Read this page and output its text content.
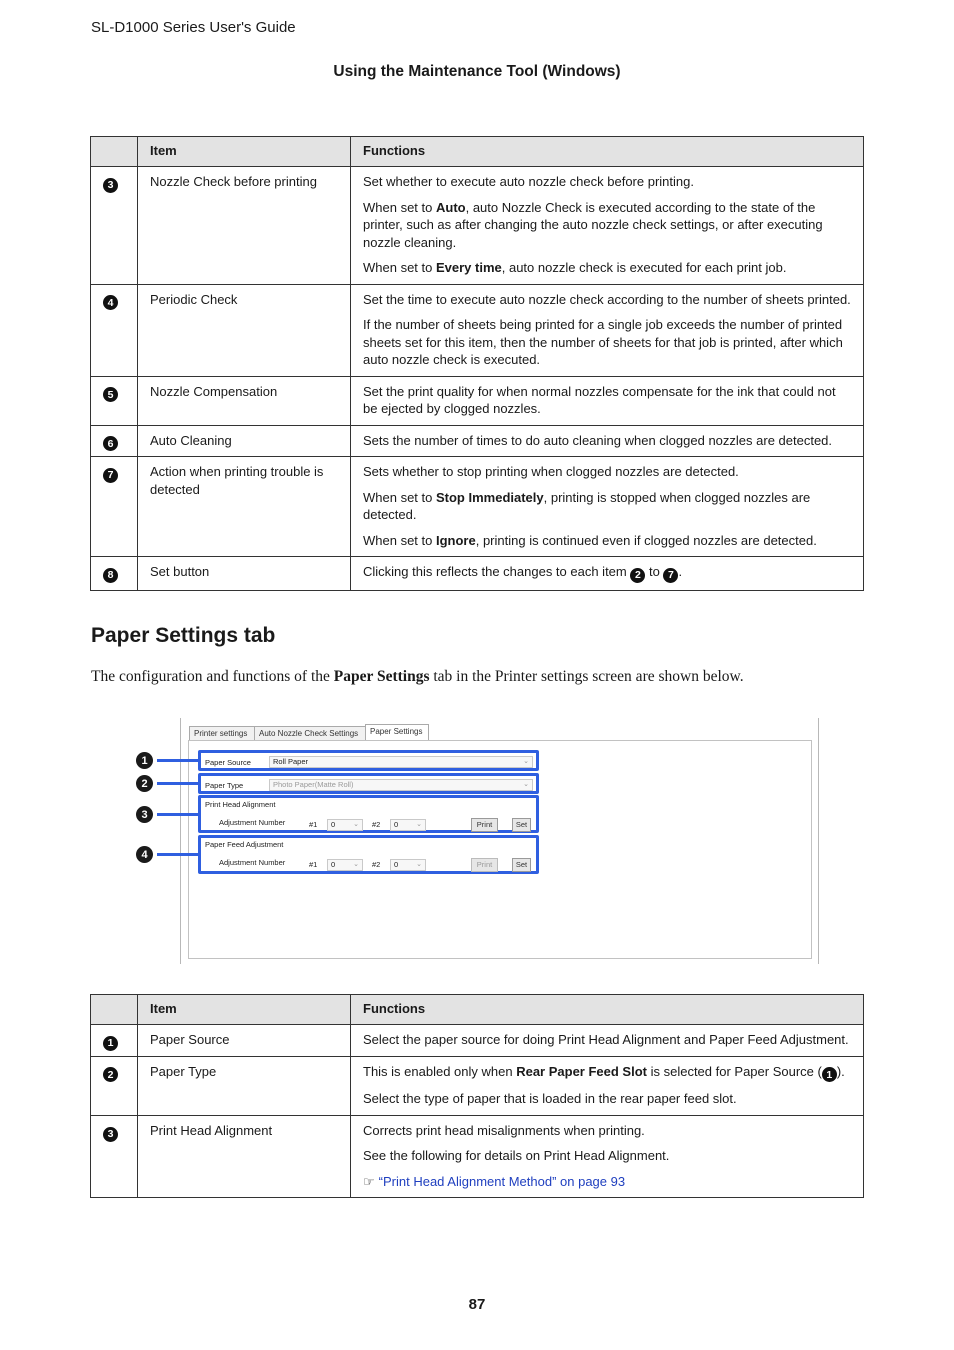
SL-D1000 Series User's Guide
Using the Maintenance Tool (Windows)
	Item	Functions
3	Nozzle Check before printing	Set whether to execute auto nozzle check before printing.

When set to Auto, auto Nozzle Check is executed according to the state of the printer, such as after changing the auto nozzle check settings, or after executing nozzle cleaning.

When set to Every time, auto nozzle check is executed for each print job.

4	Periodic Check	Set the time to execute auto nozzle check according to the number of sheets printed.

If the number of sheets being printed for a single job exceeds the number of printed sheets set for this item, then the number of sheets for that job is printed, after which auto nozzle check is executed.

5	Nozzle Compensation	Set the print quality for when normal nozzles compensate for the ink that could not be ejected by clogged nozzles.

6	Auto Cleaning	Sets the number of times to do auto cleaning when clogged nozzles are detected.

7	Action when printing trouble is detected	Sets whether to stop printing when clogged nozzles are detected.

When set to Stop Immediately, printing is stopped when clogged nozzles are detected.

When set to Ignore, printing is continued even if clogged nozzles are detected.

8	Set button	Clicking this reflects the changes to each item 2 to 7 .

Paper Settings tab
The configuration and functions of the Paper Settings tab in the Printer settings screen are shown below.
Printer settings	Auto Nozzle Check Settings	Paper Settings
Paper Source	Roll Paper	⌄
Paper Type	Photo Paper(Matte Roll)	⌄
Print Head Alignment
Adjustment Number	#1	0	⌄ #2	0	⌄	Print	Set
Paper Feed Adjustment
Adjustment Number	#1	0	⌄ #2	0	⌄	Print	Set
1
2
3
4
	Item	Functions
1	Paper Source	Select the paper source for doing Print Head Alignment and Paper Feed Adjustment.

2	Paper Type	This is enabled only when Rear Paper Feed Slot is selected for Paper Source ( 1 ).

Select the type of paper that is loaded in the rear paper feed slot.

3	Print Head Alignment	Corrects print head misalignments when printing.

See the following for details on Print Head Alignment.

☞ “Print Head Alignment Method” on page 93

87
